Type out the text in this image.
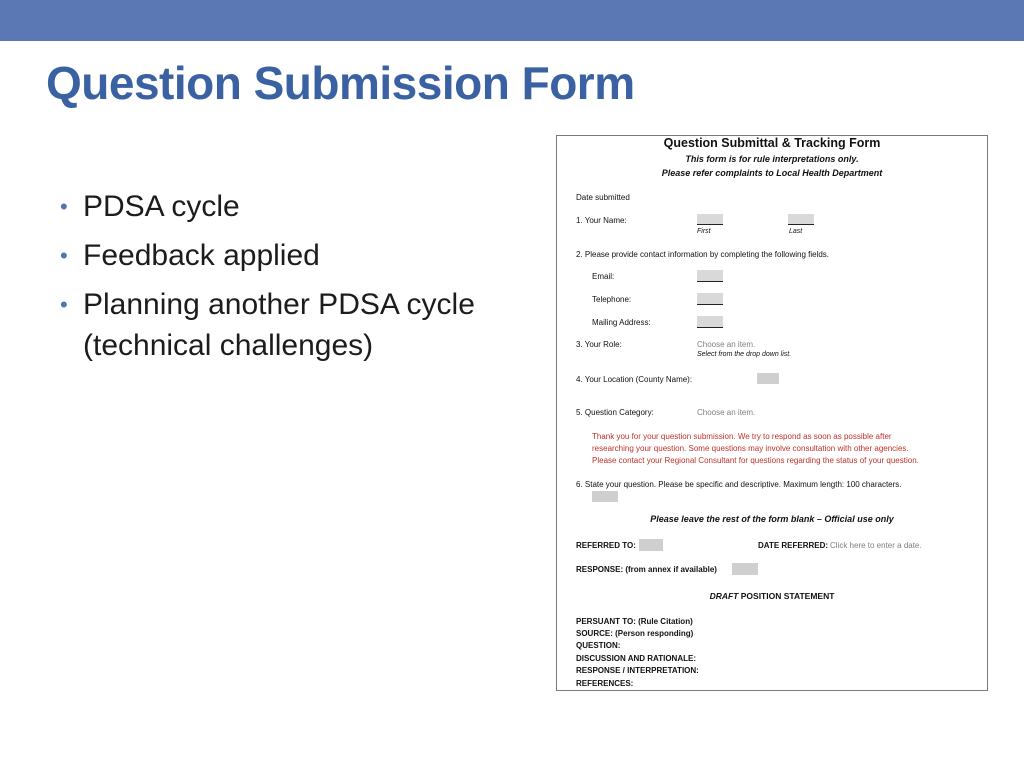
Question Submission Form
• PDSA cycle
• Feedback applied
• Planning another PDSA cycle (technical challenges)
Question Submittal & Tracking Form
This form is for rule interpretations only.
Please refer complaints to Local Health Department
Date submitted
1. Your Name:
First	Last
2. Please provide contact information by completing the following fields.
Email:
Telephone:
Mailing Address:
3. Your Role:	Choose an item.
Select from the drop down list.
4. Your Location (County Name):
5. Question Category:	Choose an item.
Thank you for your question submission. We try to respond as soon as possible after
researching your question. Some questions may involve consultation with other agencies.
Please contact your Regional Consultant for questions regarding the status of your question.
6. State your question. Please be specific and descriptive. Maximum length: 100 characters.
Please leave the rest of the form blank – Official use only
REFERRED TO:	DATE REFERRED: Click here to enter a date.
RESPONSE: (from annex if available)
DRAFT POSITION STATEMENT
PERSUANT TO: (Rule Citation)
SOURCE: (Person responding)
QUESTION:
DISCUSSION AND RATIONALE:
RESPONSE / INTERPRETATION:
REFERENCES:
